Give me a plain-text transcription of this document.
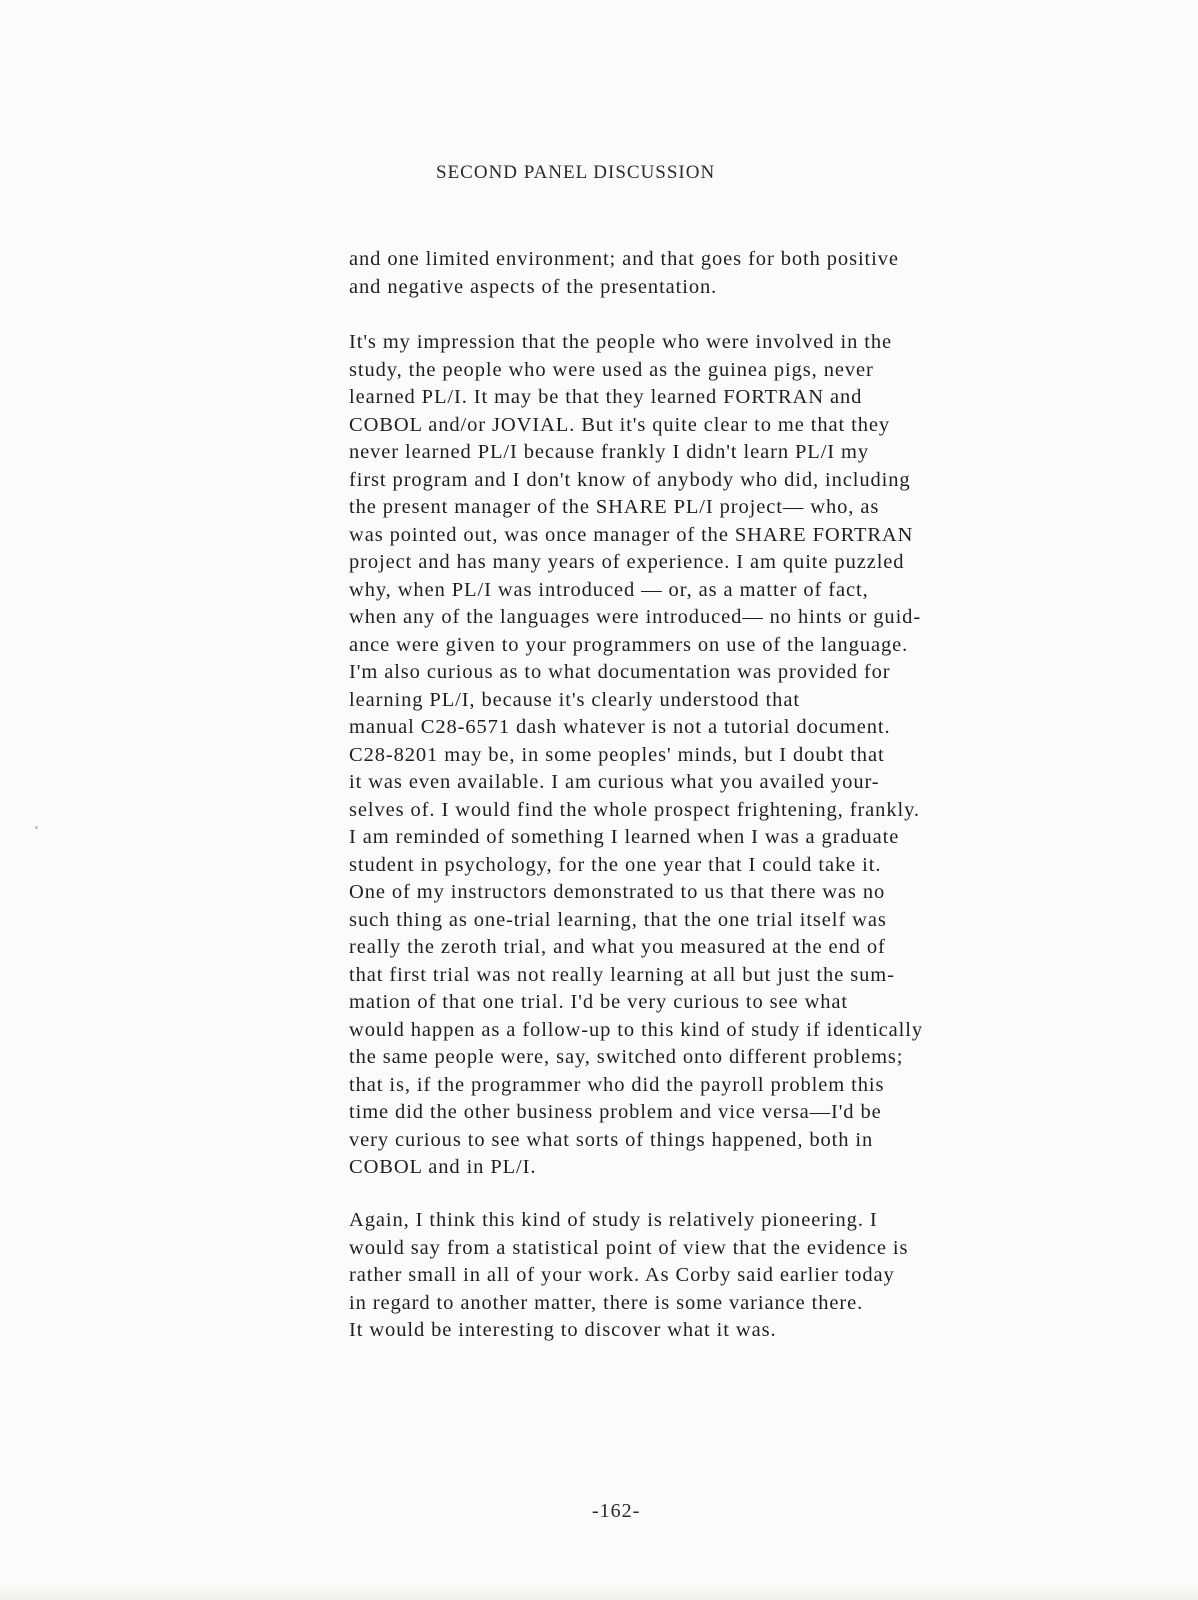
SECOND PANEL DISCUSSION
and one limited environment; and that goes for both positive
and negative aspects of the presentation.
It's my impression that the people who were involved in the
study, the people who were used as the guinea pigs, never
learned PL/I. It may be that they learned FORTRAN and
COBOL and/or JOVIAL. But it's quite clear to me that they
never learned PL/I because frankly I didn't learn PL/I my
first program and I don't know of anybody who did, including
the present manager of the SHARE PL/I project— who, as
was pointed out, was once manager of the SHARE FORTRAN
project and has many years of experience. I am quite puzzled
why, when PL/I was introduced — or, as a matter of fact,
when any of the languages were introduced— no hints or guid-
ance were given to your programmers on use of the language.
I'm also curious as to what documentation was provided for
learning PL/I, because it's clearly understood that
manual C28-6571 dash whatever is not a tutorial document.
C28-8201 may be, in some peoples' minds, but I doubt that
it was even available. I am curious what you availed your-
selves of. I would find the whole prospect frightening, frankly.
I am reminded of something I learned when I was a graduate
student in psychology, for the one year that I could take it.
One of my instructors demonstrated to us that there was no
such thing as one-trial learning, that the one trial itself was
really the zeroth trial, and what you measured at the end of
that first trial was not really learning at all but just the sum-
mation of that one trial. I'd be very curious to see what
would happen as a follow-up to this kind of study if identically
the same people were, say, switched onto different problems;
that is, if the programmer who did the payroll problem this
time did the other business problem and vice versa—I'd be
very curious to see what sorts of things happened, both in
COBOL and in PL/I.
Again, I think this kind of study is relatively pioneering. I
would say from a statistical point of view that the evidence is
rather small in all of your work. As Corby said earlier today
in regard to another matter, there is some variance there.
It would be interesting to discover what it was.
-162-
